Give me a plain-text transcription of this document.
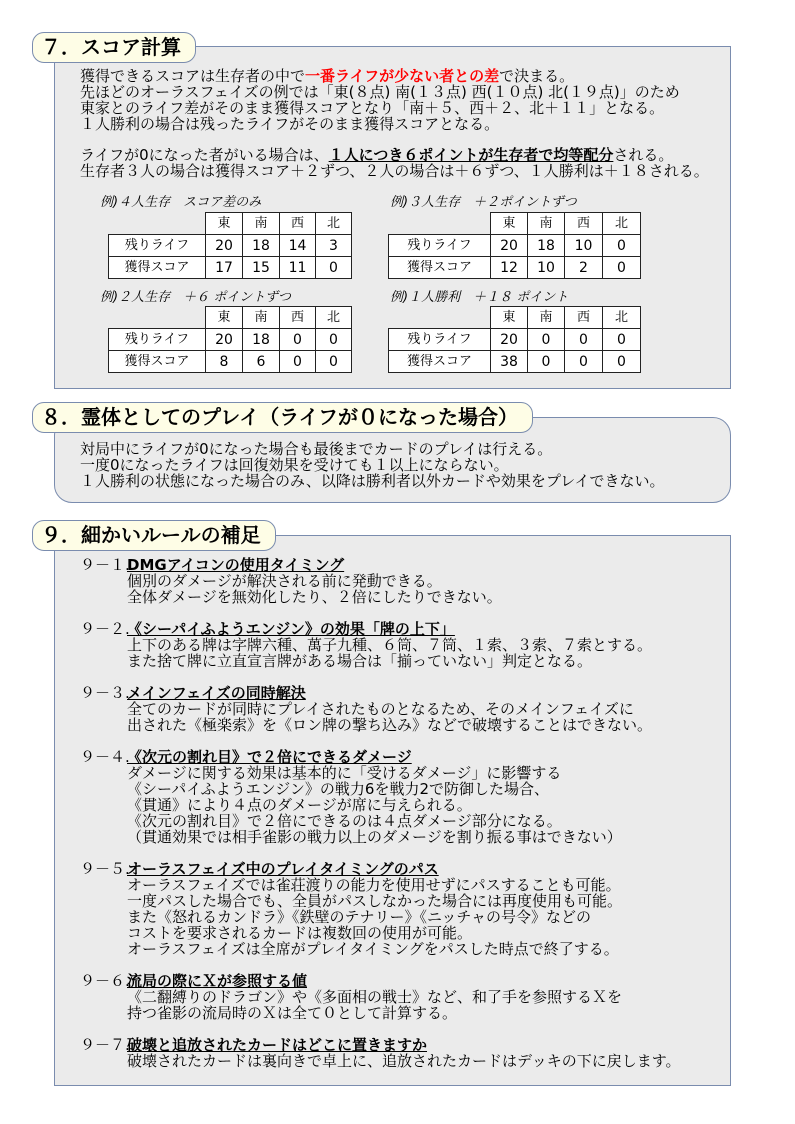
７．スコア計算
獲得できるスコアは生存者の中で一番ライフが少ない者との差で決まる。
先ほどのオーラスフェイズの例では「東(８点) 南(１３点) 西(１０点) 北(１９点)」のため
東家とのライフ差がそのまま獲得スコアとなり「南＋５、西＋２、北＋１１」となる。
１人勝利の場合は残ったライフがそのまま獲得スコアとなる。
ライフが0になった者がいる場合は、１人につき６ポイントが生存者で均等配分される。
生存者３人の場合は獲得スコア＋２ずつ、２人の場合は＋６ずつ、１人勝利は＋１８される。
例)４人生存　スコア差のみ
	東	南	西	北
残りライフ	20	18	14	3
獲得スコア	17	15	11	0
例)３人生存　＋２ポイントずつ
	東	南	西	北
残りライフ	20	18	10	0
獲得スコア	12	10	2	0
例)２人生存　＋６ ポイントずつ
	東	南	西	北
残りライフ	20	18	0	0
獲得スコア	8	6	0	0
例)１人勝利　＋１８ ポイント
	東	南	西	北
残りライフ	20	0	0	0
獲得スコア	38	0	0	0
８．霊体としてのプレイ（ライフが０になった場合）
対局中にライフが0になった場合も最後までカードのプレイは行える。
一度0になったライフは回復効果を受けても１以上にならない。
１人勝利の状態になった場合のみ、以降は勝利者以外カードや効果をプレイできない。
９．細かいルールの補足
９－１.DMGアイコンの使用タイミング
個別のダメージが解決される前に発動できる。
全体ダメージを無効化したり、２倍にしたりできない。
９－２.《シーパイふようエンジン》の効果「牌の上下」
上下のある牌は字牌六種、萬子九種、６筒、７筒、１索、３索、７索とする。
また捨て牌に立直宣言牌がある場合は「揃っていない」判定となる。
９－３.メインフェイズの同時解決
全てのカードが同時にプレイされたものとなるため、そのメインフェイズに
出された《極楽索》を《ロン牌の撃ち込み》などで破壊することはできない。
９－４.《次元の割れ目》で２倍にできるダメージ
ダメージに関する効果は基本的に「受けるダメージ」に影響する
《シーパイふようエンジン》の戦力6を戦力2で防御した場合、
《貫通》により４点のダメージが席に与えられる。
《次元の割れ目》で２倍にできるのは４点ダメージ部分になる。
（貫通効果では相手雀影の戦力以上のダメージを割り振る事はできない）
９－５.オーラスフェイズ中のプレイタイミングのパス
オーラスフェイズでは雀荘渡りの能力を使用せずにパスすることも可能。
一度パスした場合でも、全員がパスしなかった場合には再度使用も可能。
また《怒れるカンドラ》《鉄壁のテナリー》《ニッチャの号令》などの
コストを要求されるカードは複数回の使用が可能。
オーラスフェイズは全席がプレイタイミングをパスした時点で終了する。
９－６.流局の際にＸが参照する値
《二翻縛りのドラゴン》や《多面相の戦士》など、和了手を参照するＸを
持つ雀影の流局時のＸは全て０として計算する。
９－７.破壊と追放されたカードはどこに置きますか
破壊されたカードは裏向きで卓上に、追放されたカードはデッキの下に戻します。
